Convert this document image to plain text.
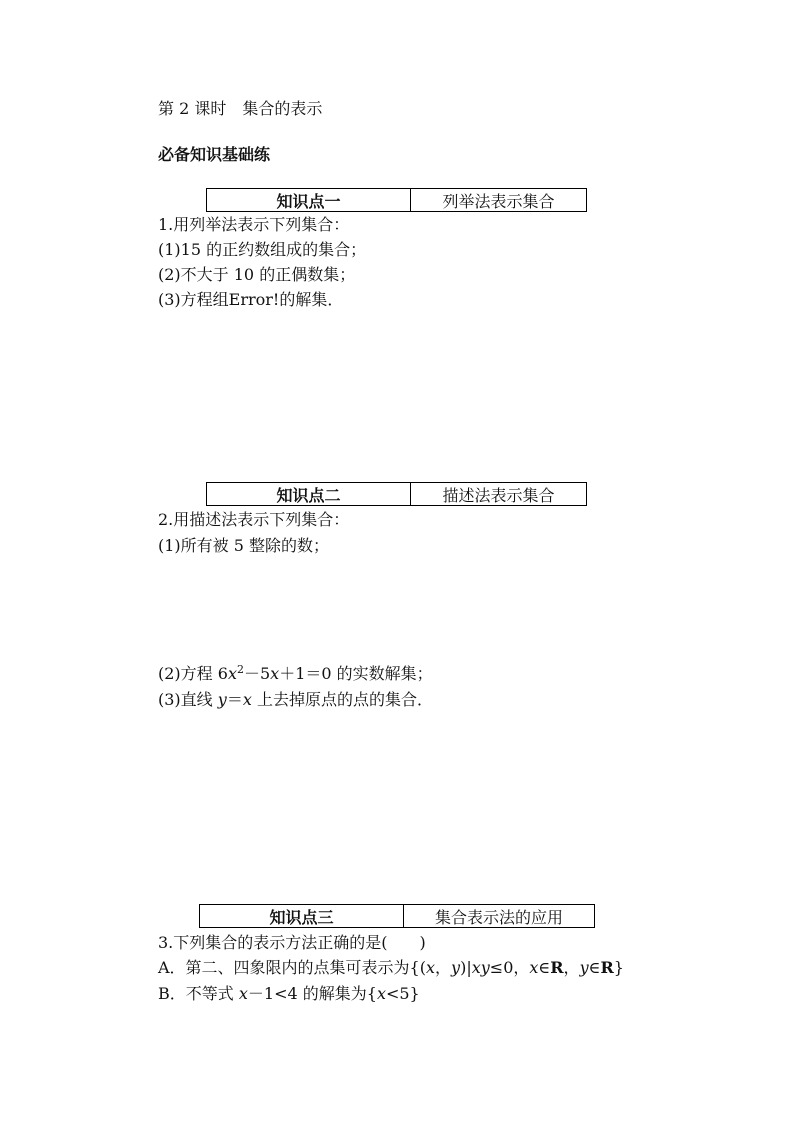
第 2 课时　集合的表示
必备知识基础练
知识点一	列举法表示集合
1.用列举法表示下列集合：
(1)15 的正约数组成的集合；
(2)不大于 10 的正偶数集；
(3)方程组Error!的解集．
知识点二	描述法表示集合
2.用描述法表示下列集合：
(1)所有被 5 整除的数；
(2)方程 $6x^2-5x+1=0$ 的实数解集；
(3)直线 y＝x 上去掉原点的点的集合．
知识点三	集合表示法的应用
3.下列集合的表示方法正确的是(　　)
A．第二、四象限内的点集可表示为{(x，y)|xy≤0，x∈R，y∈R}
B．不等式 x－1<4 的解集为{x<5}
